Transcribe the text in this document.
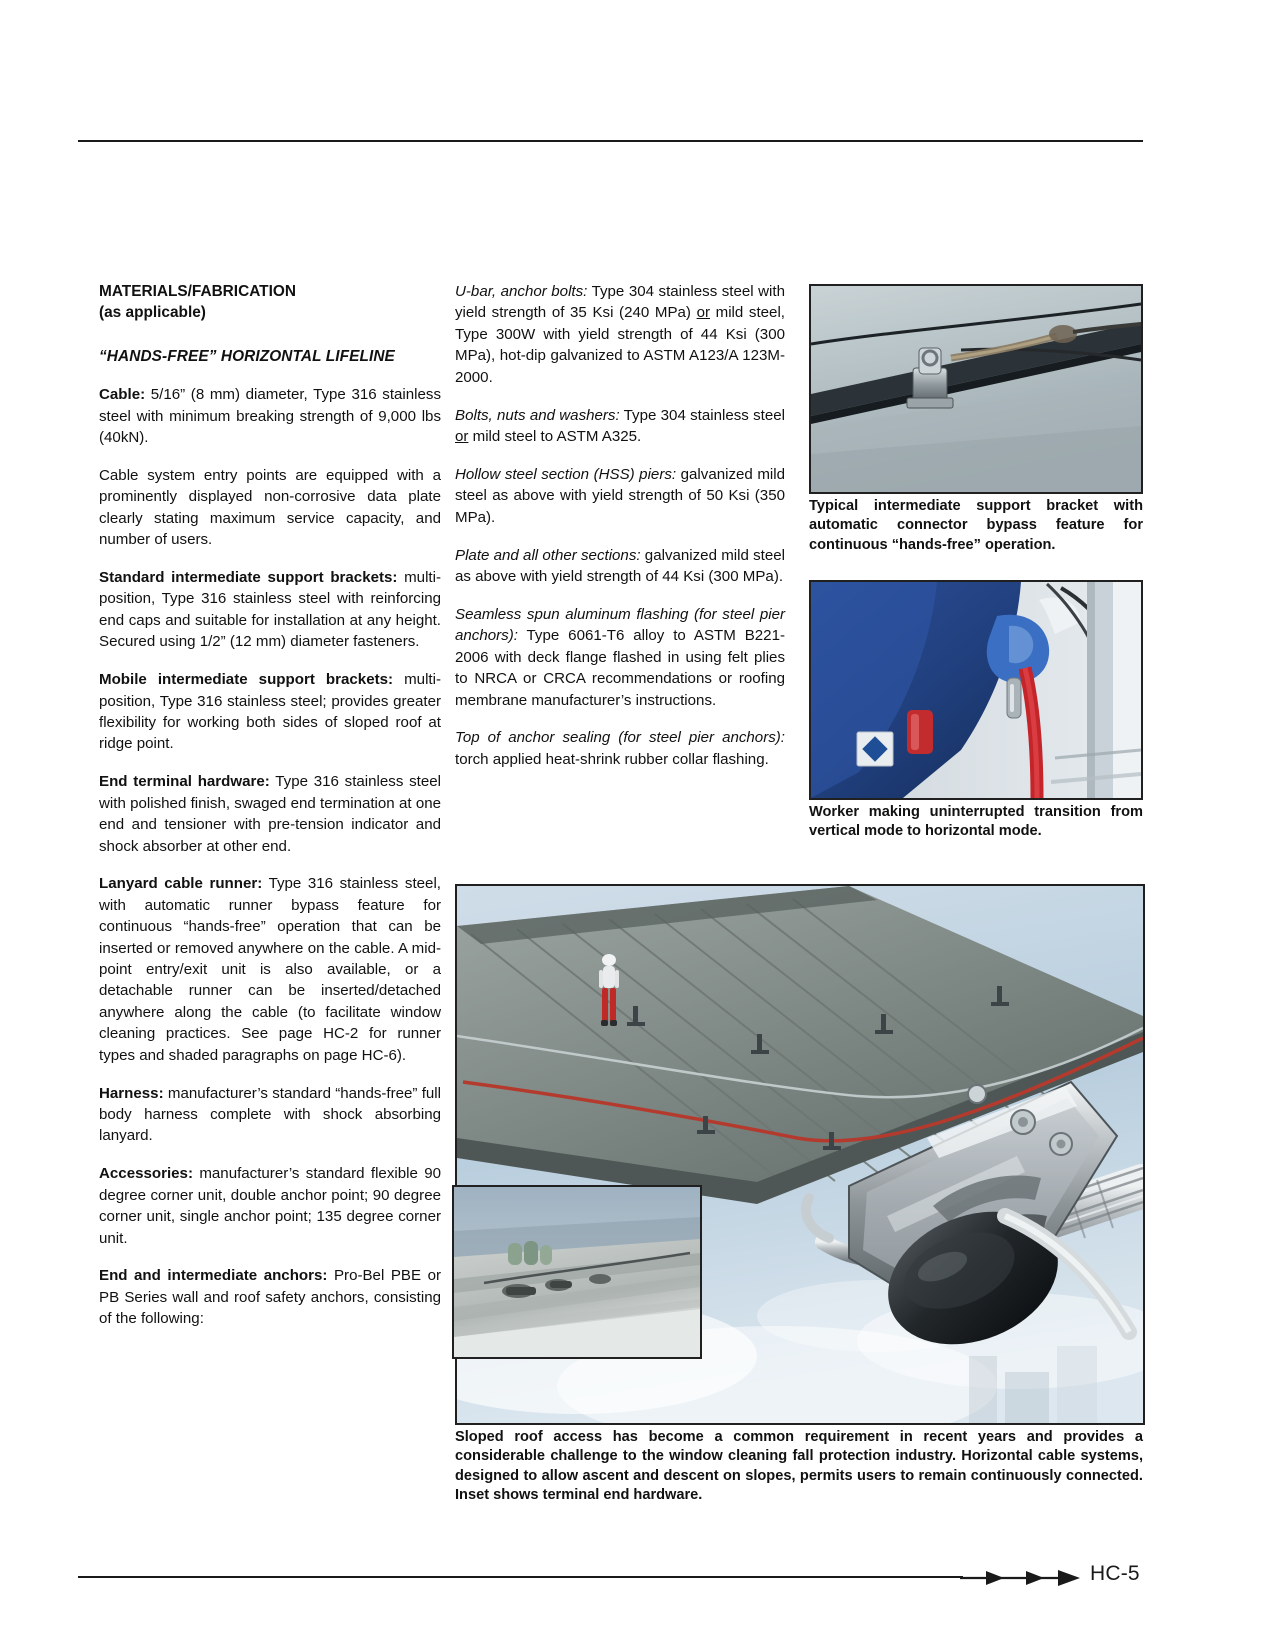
MATERIALS/FABRICATION
(as applicable)
“HANDS-FREE” HORIZONTAL LIFELINE

Cable: 5/16” (8 mm) diameter, Type 316 stainless steel with minimum breaking strength of 9,000 lbs (40kN).

Cable system entry points are equipped with a prominently displayed non-corrosive data plate clearly stating maximum service capacity, and number of users.

Standard intermediate support brackets: multi- position, Type 316 stainless steel with reinforcing end caps and suitable for installation at any height. Secured using 1/2” (12 mm) diameter fasteners.

Mobile intermediate support brackets: multi-position, Type 316 stainless steel; provides greater flexibility for working both sides of sloped roof at ridge point.

End terminal hardware: Type 316 stainless steel with polished finish, swaged end termination at one end and tensioner with pre-tension indicator and shock absorber at other end.

Lanyard cable runner: Type 316 stainless steel, with automatic runner bypass feature for continuous “hands-free” operation that can be inserted or removed anywhere on the cable. A mid-point entry/exit unit is also available, or a detachable runner can be inserted/detached anywhere along the cable (to facilitate window cleaning practices. See page HC-2 for runner types and shaded paragraphs on page HC-6).

Harness: manufacturer’s standard “hands-free” full body harness complete with shock absorbing lanyard.

Accessories: manufacturer’s standard flexible 90 degree corner unit, double anchor point; 90 degree corner unit, single anchor point; 135 degree corner unit.

End and intermediate anchors: Pro-Bel PBE or PB Series wall and roof safety anchors, consisting of the following:

U-bar, anchor bolts: Type 304 stainless steel with yield strength of 35 Ksi (240 MPa) or mild steel, Type 300W with yield strength of 44 Ksi (300 MPa), hot-dip galvanized to ASTM A123/A 123M-2000.

Bolts, nuts and washers: Type 304 stainless steel or mild steel to ASTM A325.

Hollow steel section (HSS) piers: galvanized mild steel as above with yield strength of 50 Ksi (350 MPa).

Plate and all other sections: galvanized mild steel as above with yield strength of 44 Ksi (300 MPa).

Seamless spun aluminum flashing (for steel pier anchors): Type 6061-T6 alloy to ASTM B221-2006 with deck flange flashed in using felt plies to NRCA or CRCA recommendations or roofing membrane manufacturer’s instructions.

Top of anchor sealing (for steel pier anchors): torch applied heat-shrink rubber collar flashing.

Typical intermediate support bracket with automatic connector bypass feature for continuous “hands-free” operation.
Worker making uninterrupted transition from vertical mode to horizontal mode.
Sloped roof access has become a common requirement in recent years and provides a considerable challenge to the window cleaning fall protection industry. Horizontal cable systems, designed to allow ascent and descent on slopes, permits users to remain continuously connected. Inset shows terminal end hardware.
HC-5
